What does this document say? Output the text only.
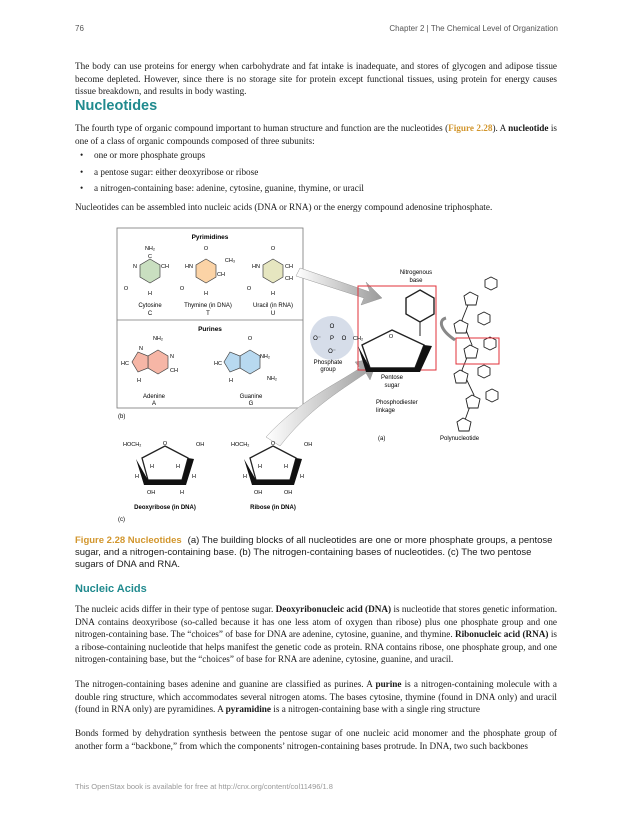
76	Chapter 2 | The Chemical Level of Organization

The body can use proteins for energy when carbohydrate and fat intake is inadequate, and stores of glycogen and adipose tissue become depleted. However, since there is no storage site for protein except functional tissues, using protein for energy causes tissue breakdown, and results in body wasting.

Nucleotides

The fourth type of organic compound important to human structure and function are the nucleotides (Figure 2.28). A nucleotide is one of a class of organic compounds composed of three subunits:

• one or more phosphate groups
• a pentose sugar: either deoxyribose or ribose
• a nitrogen-containing base: adenine, cytosine, guanine, thymine, or uracil

Nucleotides can be assembled into nucleic acids (DNA or RNA) or the energy compound adenosine triphosphate.

Pyrimidines
Purines
NH₂
C
N	CH
H
O
Cytosine
C
O
HN
CH₃
CH
H
O
Thymine (in DNA)
T
O
HN	CH
CH
H
O
Uracil (in RNA)
U
NH₂
N
CH
N
HC
H
Adenine
A
O
NH₂
NH₂
HC
H
Guanine
G
(b)
O
O⁻ P
O
O⁻
O CH₂
Phosphate
group
Nitrogenous
base
Pentose
sugar
Phosphodiester
linkage
(a)	Polynucleotide
O
HOCH₂	OH
H	H
H	H
OH	H
Deoxyribose (in DNA)
O
HOCH₂	OH
H	H
H	H
OH	OH
Ribose (in DNA)
(c)

Figure 2.28 Nucleotides (a) The building blocks of all nucleotides are one or more phosphate groups, a pentose sugar, and a nitrogen-containing base. (b) The nitrogen-containing bases of nucleotides. (c) The two pentose sugars of DNA and RNA.

Nucleic Acids

The nucleic acids differ in their type of pentose sugar. Deoxyribonucleic acid (DNA) is nucleotide that stores genetic information. DNA contains deoxyribose (so-called because it has one less atom of oxygen than ribose) plus one phosphate group and one nitrogen-containing base. The “choices” of base for DNA are adenine, cytosine, guanine, and thymine. Ribonucleic acid (RNA) is a ribose-containing nucleotide that helps manifest the genetic code as protein. RNA contains ribose, one phosphate group, and one nitrogen-containing base, but the “choices” of base for RNA are adenine, cytosine, guanine, and uracil.

The nitrogen-containing bases adenine and guanine are classified as purines. A purine is a nitrogen-containing molecule with a double ring structure, which accommodates several nitrogen atoms. The bases cytosine, thymine (found in DNA only) and uracil (found in RNA only) are pyramidines. A pyramidine is a nitrogen-containing base with a single ring structure

Bonds formed by dehydration synthesis between the pentose sugar of one nucleic acid monomer and the phosphate group of another form a “backbone,” from which the components’ nitrogen-containing bases protrude. In DNA, two such backbones

This OpenStax book is available for free at http://cnx.org/content/col11496/1.8
